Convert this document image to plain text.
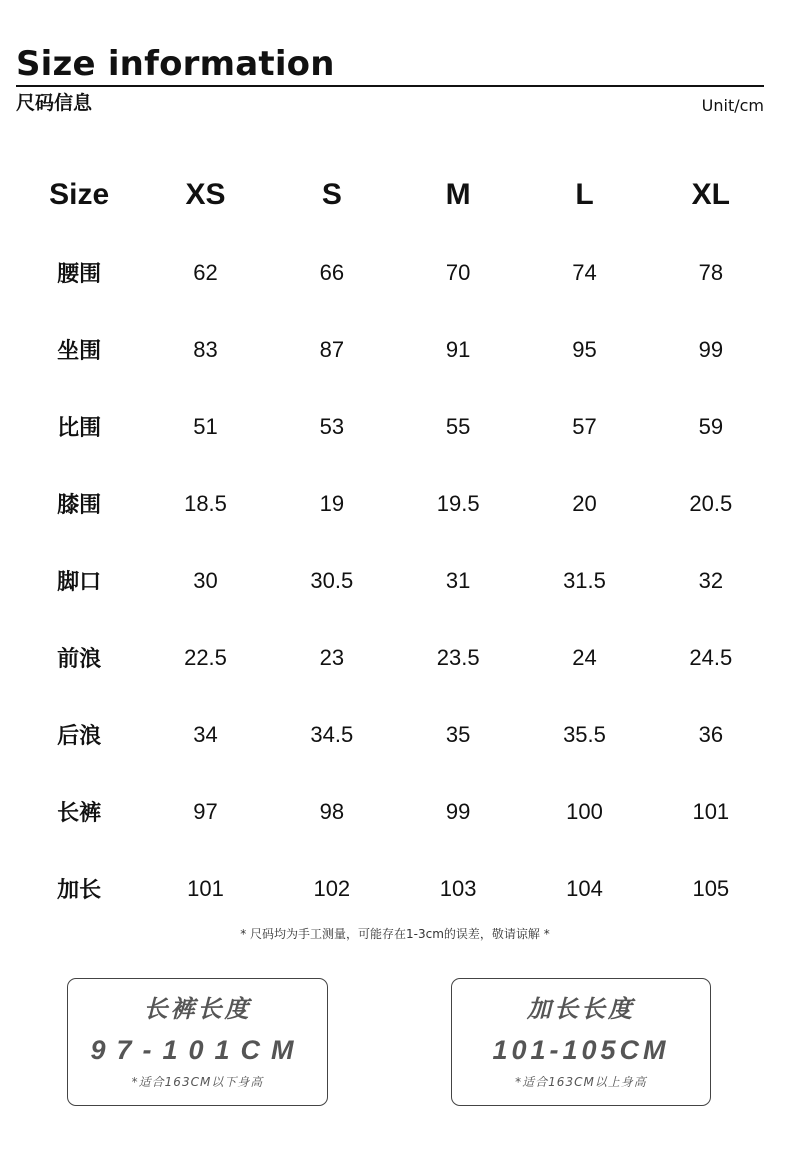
Size information
尺码信息	Unit/cm
Size	XS	S	M	L	XL
腰围	62	66	70	74	78
坐围	83	87	91	95	99
比围	51	53	55	57	59
膝围	18.5	19	19.5	20	20.5
脚口	30	30.5	31	31.5	32
前浪	22.5	23	23.5	24	24.5
后浪	34	34.5	35	35.5	36
长裤	97	98	99	100	101
加长	101	102	103	104	105
* 尺码均为手工测量，可能存在1-3cm的误差，敬请谅解 *
长裤长度
97-101CM
*适合163CM以下身高
加长长度
101-105CM
*适合163CM以上身高
